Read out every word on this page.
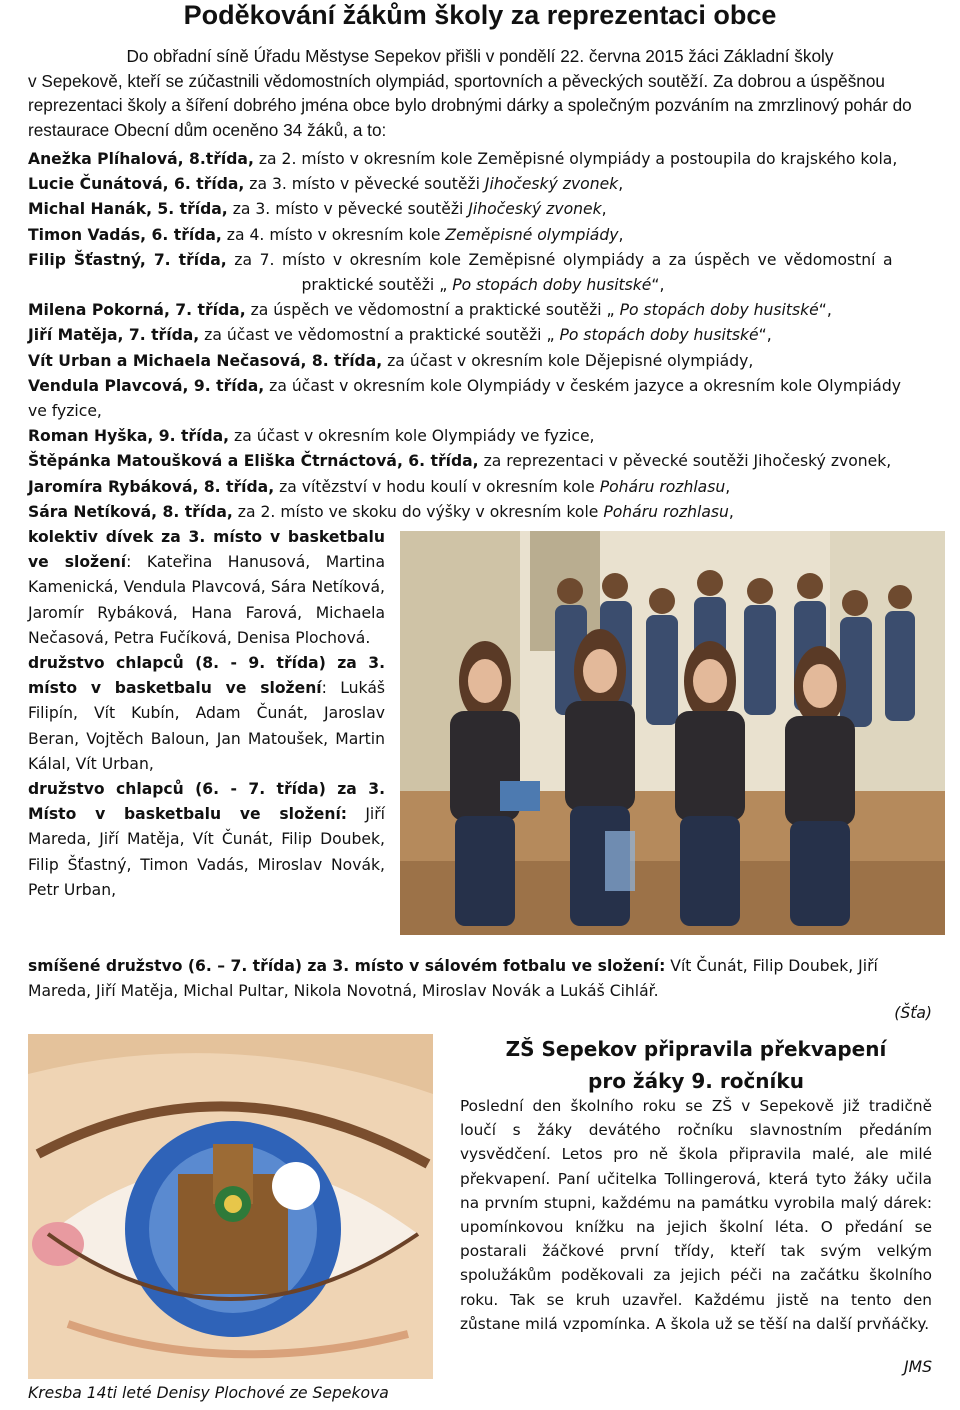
Poděkování žákům školy za reprezentaci obce
Do obřadní síně Úřadu Městyse Sepekov přišli v pondělí 22. června 2015 žáci Základní školy
v Sepekově, kteří se zúčastnili vědomostních olympiád, sportovních a pěveckých soutěží. Za dobrou a úspěšnou reprezentaci školy a šíření dobrého jména obce bylo drobnými dárky a společným pozváním na zmrzlinový pohár do restaurace Obecní dům oceněno 34 žáků, a to:
Anežka Plíhalová, 8.třída, za 2. místo v okresním kole Zeměpisné olympiády a postoupila do krajského kola,
Lucie Čunátová, 6. třída, za 3. místo v pěvecké soutěži Jihočeský zvonek,
Michal Hanák, 5. třída, za 3. místo v pěvecké soutěži Jihočeský zvonek,
Timon Vadás, 6. třída, za 4. místo v okresním kole Zeměpisné olympiády,
Filip Šťastný, 7. třída, za 7. místo v okresním kole Zeměpisné olympiády a za úspěch ve vědomostní a
praktické soutěži „ Po stopách doby husitské“,
Milena Pokorná, 7. třída, za úspěch ve vědomostní a praktické soutěži „ Po stopách doby husitské“,
Jiří Matěja, 7. třída, za účast ve vědomostní a praktické soutěži „ Po stopách doby husitské“,
Vít Urban a Michaela Nečasová, 8. třída, za účast v okresním kole Dějepisné olympiády,
Vendula Plavcová, 9. třída, za účast v okresním kole Olympiády v českém jazyce a okresním kole Olympiády
ve fyzice,
Roman Hyška, 9. třída, za účast v okresním kole Olympiády ve fyzice,
Štěpánka Matoušková a Eliška Čtrnáctová, 6. třída, za reprezentaci v pěvecké soutěži Jihočeský zvonek,
Jaromíra Rybáková, 8. třída, za vítězství v hodu koulí v okresním kole Poháru rozhlasu,
Sára Netíková, 8. třída, za 2. místo ve skoku do výšky v okresním kole Poháru rozhlasu,

kolektiv dívek za 3. místo v basketbalu ve složení: Kateřina Hanusová, Martina Kamenická, Vendula Plavcová, Sára Netíková, Jaromír Rybáková, Hana Farová, Michaela Nečasová, Petra Fučíková, Denisa Plochová.

družstvo chlapců (8. - 9. třída) za 3. místo v basketbalu ve složení: Lukáš Filipín, Vít Kubín, Adam Čunát, Jaroslav Beran, Vojtěch Baloun, Jan Matoušek, Martin Kálal, Vít Urban,

družstvo chlapců (6. - 7. třída) za 3. Místo v basketbalu ve složení: Jiří Mareda, Jiří Matěja, Vít Čunát, Filip Doubek, Filip Šťastný, Timon Vadás, Miroslav Novák, Petr Urban,

smíšené družstvo (6. – 7. třída) za 3. místo v sálovém fotbalu ve složení: Vít Čunát, Filip Doubek, Jiří Mareda, Jiří Matěja, Michal Pultar, Nikola Novotná, Miroslav Novák a Lukáš Cihlář.
(Šťa)
Kresba 14ti leté Denisy Plochové ze Sepekova
ZŠ Sepekov připravila překvapení
pro žáky 9. ročníku
Poslední den školního roku se ZŠ v Sepekově již tradičně loučí s žáky devátého ročníku slavnostním předáním vysvědčení. Letos pro ně škola připravila malé, ale milé překvapení. Paní učitelka Tollingerová, která tyto žáky učila na prvním stupni, každému na památku vyrobila malý dárek: upomínkovou knížku na jejich školní léta. O předání se postarali žáčkové první třídy, kteří tak svým velkým spolužákům poděkovali za jejich péči na začátku školního roku. Tak se kruh uzavřel. Každému jistě na tento den zůstane milá vzpomínka. A škola už se těší na další prvňáčky.
JMS
